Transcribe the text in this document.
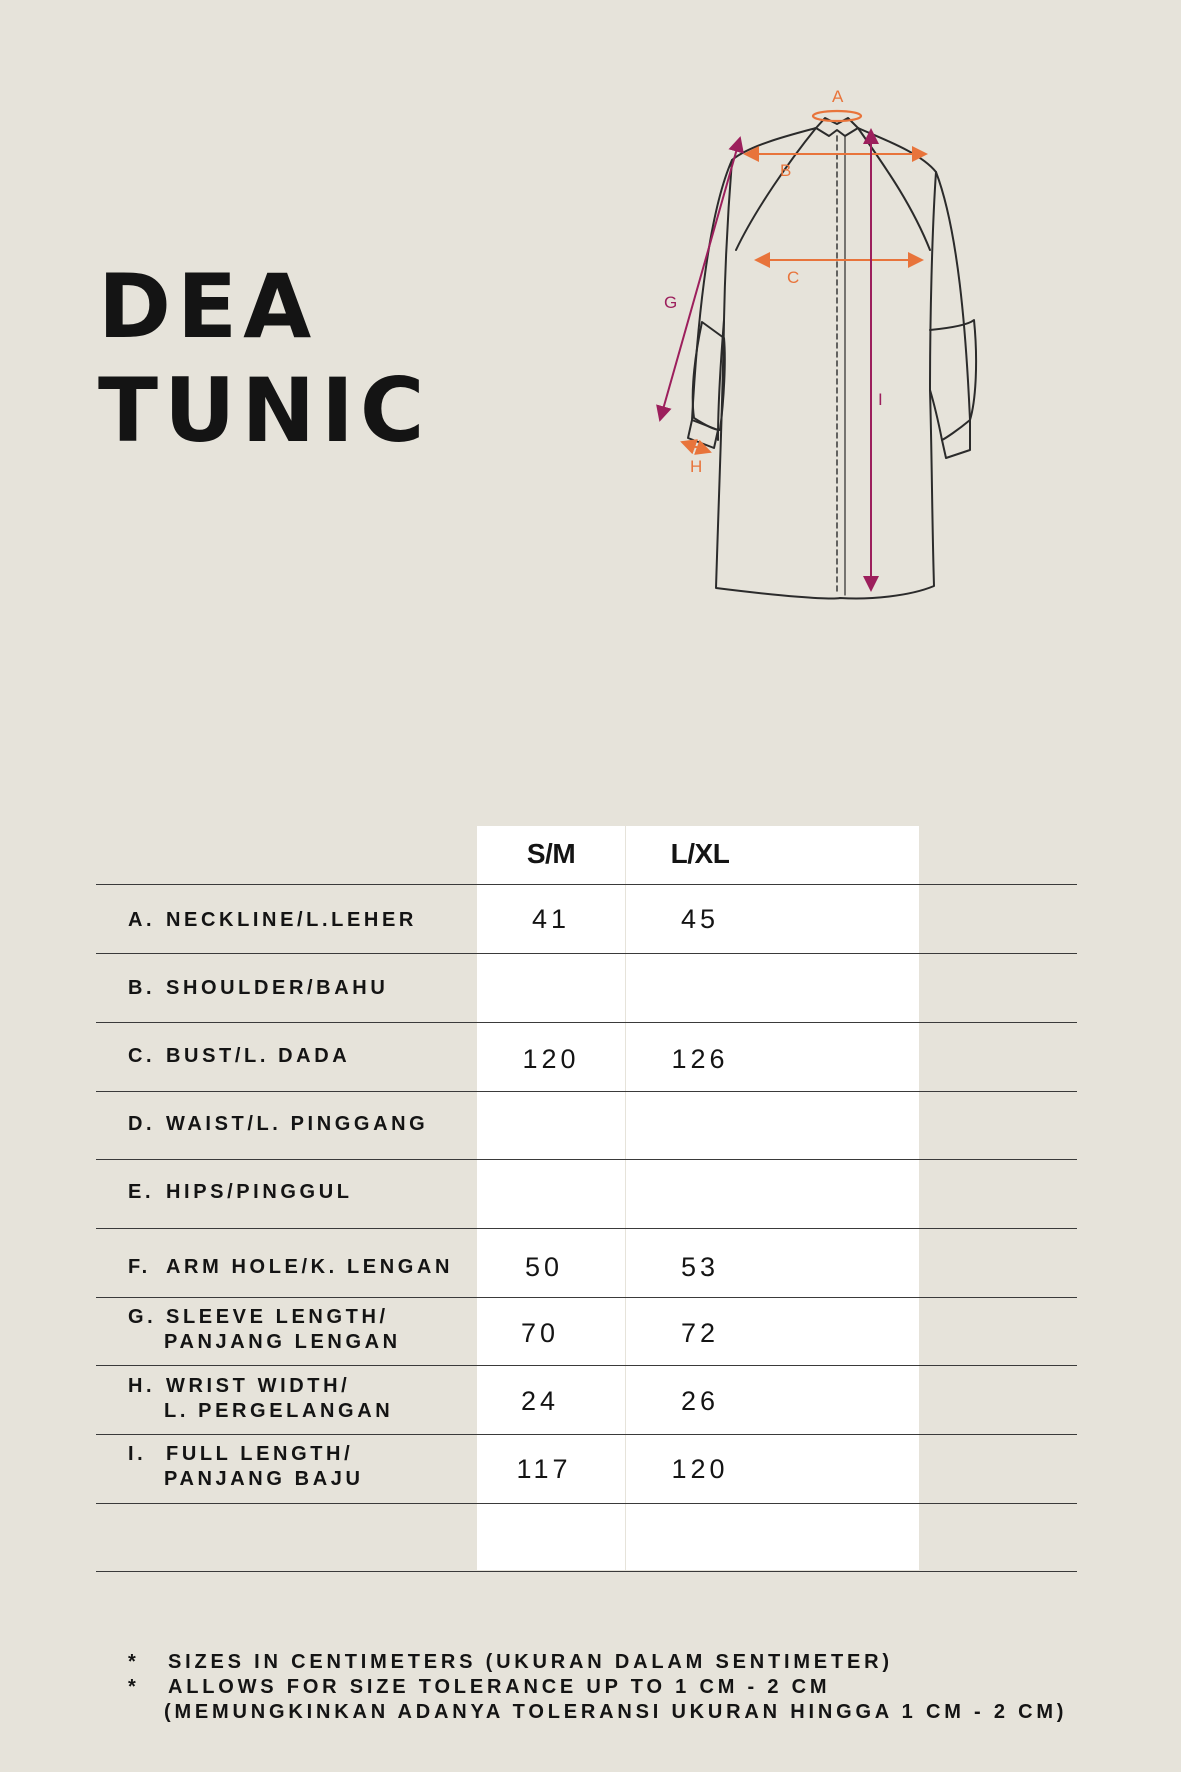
DEA
TUNIC
A
B
C
G
H
I
S/M	L/XL
A. NECKLINE/L.LEHER	41	45
B. SHOULDER/BAHU
C. BUST/L. DADA	120	126
D. WAIST/L. PINGGANG
E. HIPS/PINGGUL
F. ARM HOLE/K. LENGAN	50	53
G. SLEEVE LENGTH/
PANJANG LENGAN	70	72
H. WRIST WIDTH/
L. PERGELANGAN	24	26
I. FULL LENGTH/
PANJANG BAJU	117	120
* SIZES IN CENTIMETERS (UKURAN DALAM SENTIMETER)
* ALLOWS FOR SIZE TOLERANCE UP TO 1 CM - 2 CM
(MEMUNGKINKAN ADANYA TOLERANSI UKURAN HINGGA 1 CM - 2 CM)
